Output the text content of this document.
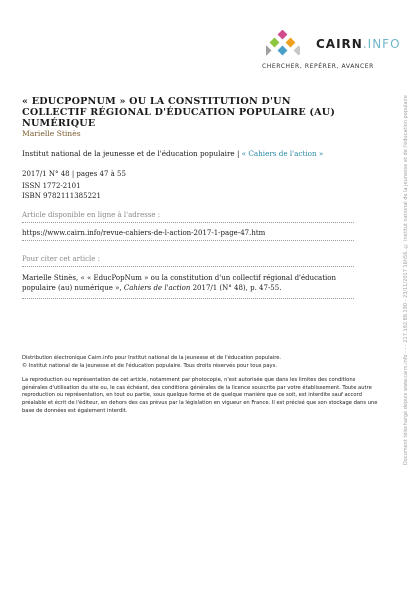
CAIRN.INFO
CHERCHER, REPÉRER, AVANCER
« EDUCPOPNUM » OU LA CONSTITUTION D'UN COLLECTIF RÉGIONAL D'ÉDUCATION POPULAIRE (AU) NUMÉRIQUE
Marielle Stinès
Institut national de la jeunesse et de l'éducation populaire | « Cahiers de l'action »
2017/1 N° 48 | pages 47 à 55
ISSN 1772-2101
ISBN 9782111385221
Article disponible en ligne à l'adresse :
https://www.cairn.info/revue-cahiers-de-l-action-2017-1-page-47.htm
Pour citer cet article :
Marielle Stinès, « « EducPopNum » ou la constitution d'un collectif régional d'éducation populaire (au) numérique », Cahiers de l'action 2017/1 (N° 48), p. 47-55.

Distribution électronique Cairn.info pour Institut national de la jeunesse et de l'éducation populaire.

© Institut national de la jeunesse et de l'éducation populaire. Tous droits réservés pour tous pays.

La reproduction ou représentation de cet article, notamment par photocopie, n'est autorisée que dans les limites des conditions générales d'utilisation du site ou, le cas échéant, des conditions générales de la licence souscrite par votre établissement. Toute autre reproduction ou représentation, en tout ou partie, sous quelque forme et de quelque manière que ce soit, est interdite sauf accord préalable et écrit de l'éditeur, en dehors des cas prévus par la législation en vigueur en France. Il est précisé que son stockage dans une base de données est également interdit.	Document téléchargé depuis www.cairn.info - - - 217.192.88.190 - 23/11/2017 16h56. © Institut national de la jeunesse et de l'éducation populaire
